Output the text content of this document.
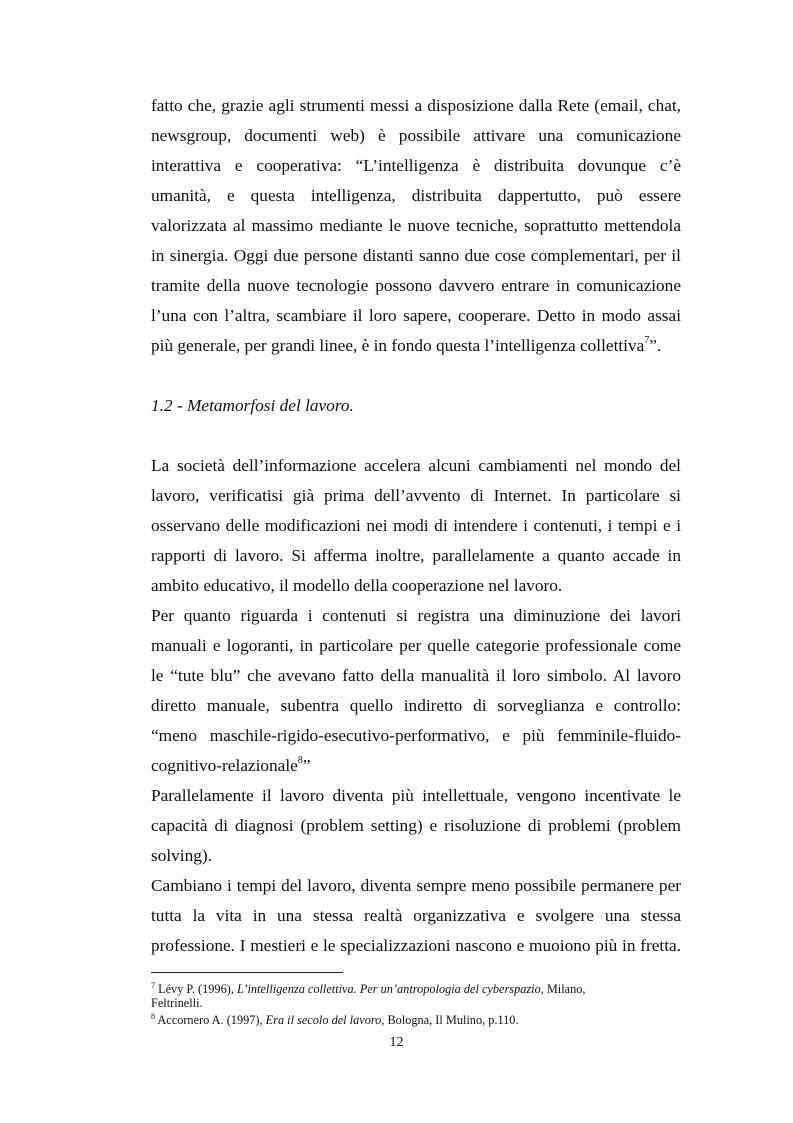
fatto che, grazie agli strumenti messi a disposizione dalla Rete (email, chat,
newsgroup, documenti web) è possibile attivare una comunicazione
interattiva e cooperativa: “L’intelligenza è distribuita dovunque c’è
umanità, e questa intelligenza, distribuita dappertutto, può essere
valorizzata al massimo mediante le nuove tecniche, soprattutto mettendola
in sinergia. Oggi due persone distanti sanno due cose complementari, per il
tramite della nuove tecnologie possono davvero entrare in comunicazione
l’una con l’altra, scambiare il loro sapere, cooperare. Detto in modo assai
più generale, per grandi linee, è in fondo questa l’intelligenza collettiva$^7$”.
1.2 - Metamorfosi del lavoro.
La società dell’informazione accelera alcuni cambiamenti nel mondo del
lavoro, verificatisi già prima dell’avvento di Internet. In particolare si
osservano delle modificazioni nei modi di intendere i contenuti, i tempi e i
rapporti di lavoro. Si afferma inoltre, parallelamente a quanto accade in
ambito educativo, il modello della cooperazione nel lavoro.
Per quanto riguarda i contenuti si registra una diminuzione dei lavori
manuali e logoranti, in particolare per quelle categorie professionale come
le “tute blu” che avevano fatto della manualità il loro simbolo. Al lavoro
diretto manuale, subentra quello indiretto di sorveglianza e controllo:
“meno maschile-rigido-esecutivo-performativo, e più femminile-fluido-
cognitivo-relazionale$^8$”
Parallelamente il lavoro diventa più intellettuale, vengono incentivate le
capacità di diagnosi (problem setting) e risoluzione di problemi (problem
solving).
Cambiano i tempi del lavoro, diventa sempre meno possibile permanere per
tutta la vita in una stessa realtà organizzativa e svolgere una stessa
professione. I mestieri e le specializzazioni nascono e muoiono più in fretta.
$^7$ Lévy P. (1996), L’intelligenza collettiva. Per un’antropologia del cyberspazio, Milano,
Feltrinelli.
$^8$ Accornero A. (1997), Era il secolo del lavoro, Bologna, Il Mulino, p.110.
12
